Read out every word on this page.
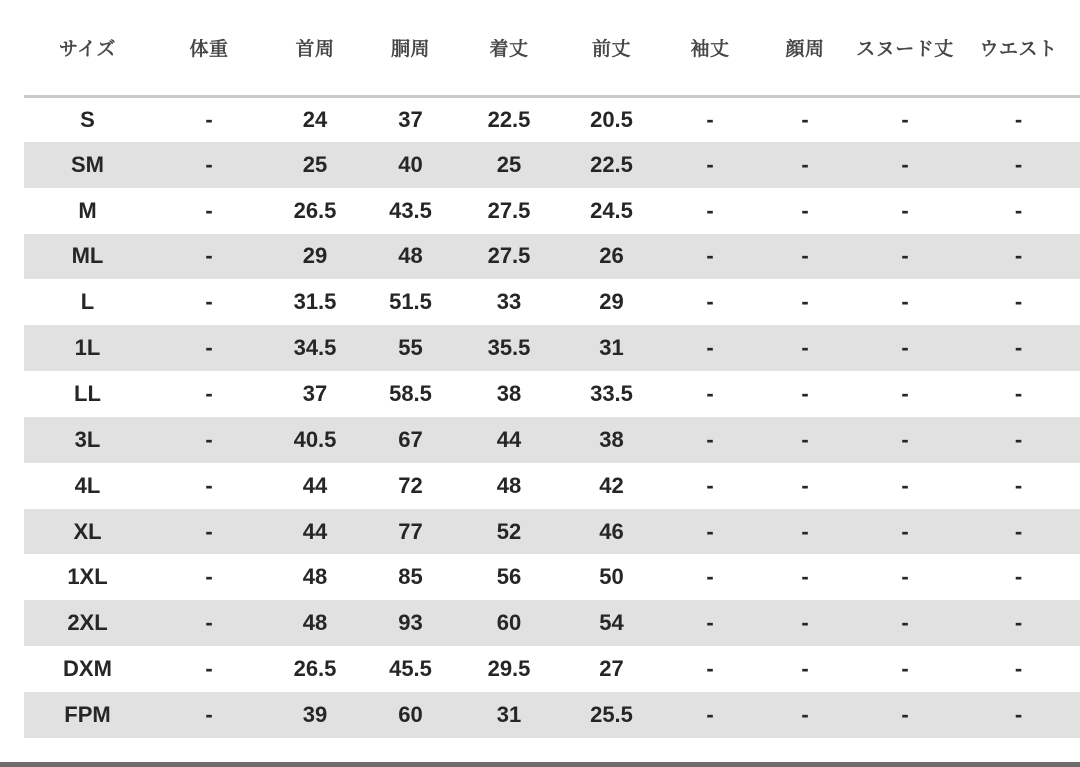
サイズ	体重	首周	胴周	着丈	前丈	袖丈	顔周	スヌード丈	ウエスト
S	-	24	37	22.5	20.5	-	-	-	-
SM	-	25	40	25	22.5	-	-	-	-
M	-	26.5	43.5	27.5	24.5	-	-	-	-
ML	-	29	48	27.5	26	-	-	-	-
L	-	31.5	51.5	33	29	-	-	-	-
1L	-	34.5	55	35.5	31	-	-	-	-
LL	-	37	58.5	38	33.5	-	-	-	-
3L	-	40.5	67	44	38	-	-	-	-
4L	-	44	72	48	42	-	-	-	-
XL	-	44	77	52	46	-	-	-	-
1XL	-	48	85	56	50	-	-	-	-
2XL	-	48	93	60	54	-	-	-	-
DXM	-	26.5	45.5	29.5	27	-	-	-	-
FPM	-	39	60	31	25.5	-	-	-	-
